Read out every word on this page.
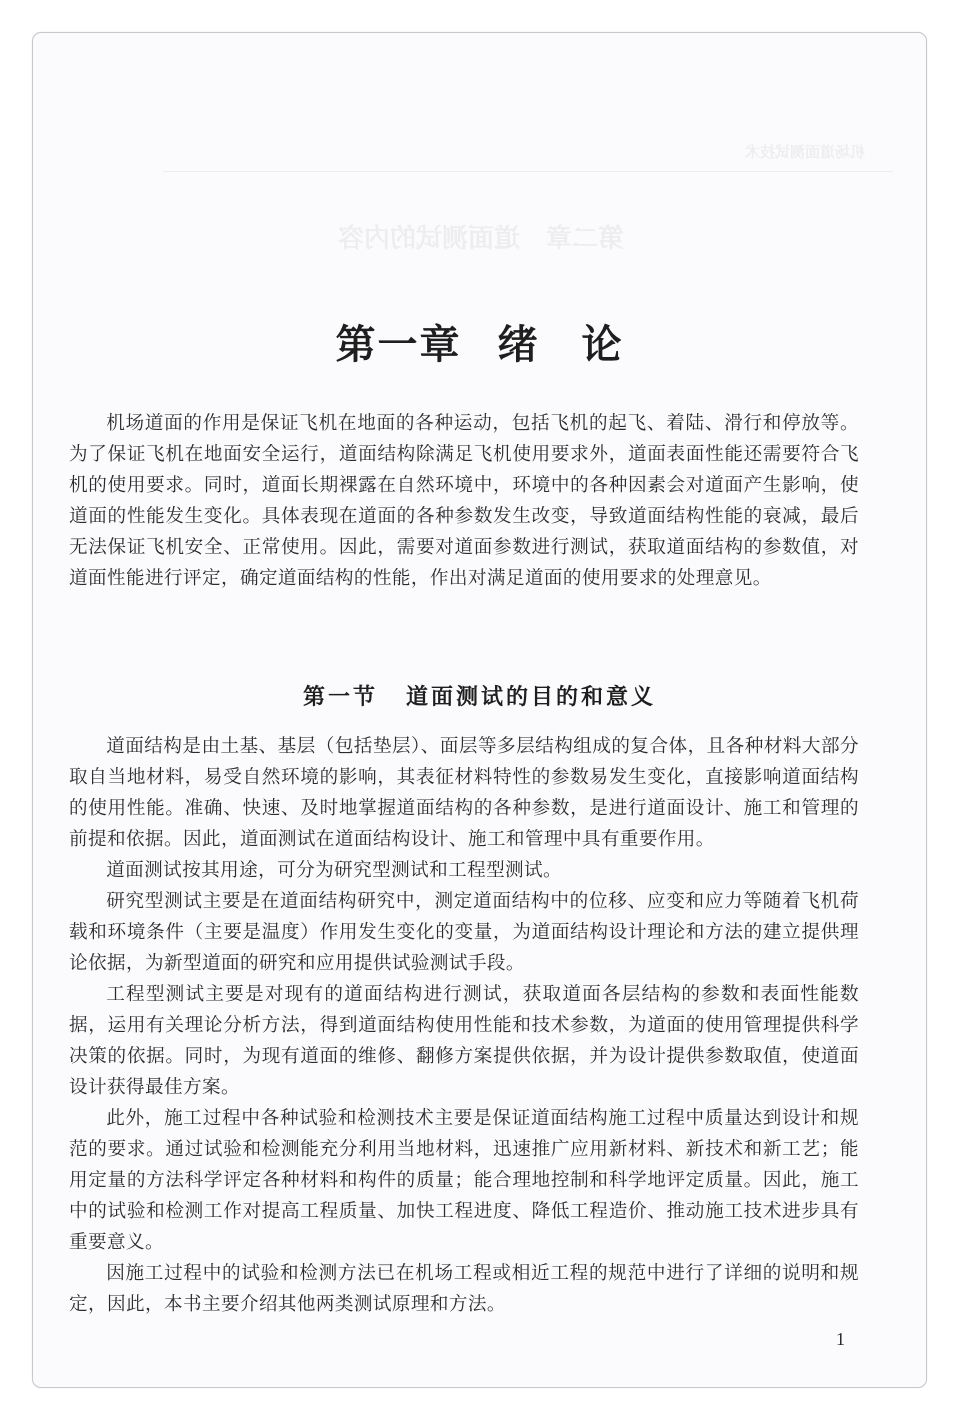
机场道面测试技术
第二章　道面测试的内容
第一章 绪　论

机场道面的作用是保证飞机在地面的各种运动，包括飞机的起飞、着陆、滑行和停放等。为了保证飞机在地面安全运行，道面结构除满足飞机使用要求外，道面表面性能还需要符合飞机的使用要求。同时，道面长期裸露在自然环境中，环境中的各种因素会对道面产生影响，使道面的性能发生变化。具体表现在道面的各种参数发生改变，导致道面结构性能的衰减，最后无法保证飞机安全、正常使用。因此，需要对道面参数进行测试，获取道面结构的参数值，对道面性能进行评定，确定道面结构的性能，作出对满足道面的使用要求的处理意见。

第一节 道面测试的目的和意义

道面结构是由土基、基层（包括垫层）、面层等多层结构组成的复合体，且各种材料大部分取自当地材料，易受自然环境的影响，其表征材料特性的参数易发生变化，直接影响道面结构的使用性能。准确、快速、及时地掌握道面结构的各种参数，是进行道面设计、施工和管理的前提和依据。因此，道面测试在道面结构设计、施工和管理中具有重要作用。

道面测试按其用途，可分为研究型测试和工程型测试。

研究型测试主要是在道面结构研究中，测定道面结构中的位移、应变和应力等随着飞机荷载和环境条件（主要是温度）作用发生变化的变量，为道面结构设计理论和方法的建立提供理论依据，为新型道面的研究和应用提供试验测试手段。

工程型测试主要是对现有的道面结构进行测试，获取道面各层结构的参数和表面性能数据，运用有关理论分析方法，得到道面结构使用性能和技术参数，为道面的使用管理提供科学决策的依据。同时，为现有道面的维修、翻修方案提供依据，并为设计提供参数取值，使道面设计获得最佳方案。

此外，施工过程中各种试验和检测技术主要是保证道面结构施工过程中质量达到设计和规范的要求。通过试验和检测能充分利用当地材料，迅速推广应用新材料、新技术和新工艺；能用定量的方法科学评定各种材料和构件的质量；能合理地控制和科学地评定质量。因此，施工中的试验和检测工作对提高工程质量、加快工程进度、降低工程造价、推动施工技术进步具有重要意义。

因施工过程中的试验和检测方法已在机场工程或相近工程的规范中进行了详细的说明和规定，因此，本书主要介绍其他两类测试原理和方法。

1
